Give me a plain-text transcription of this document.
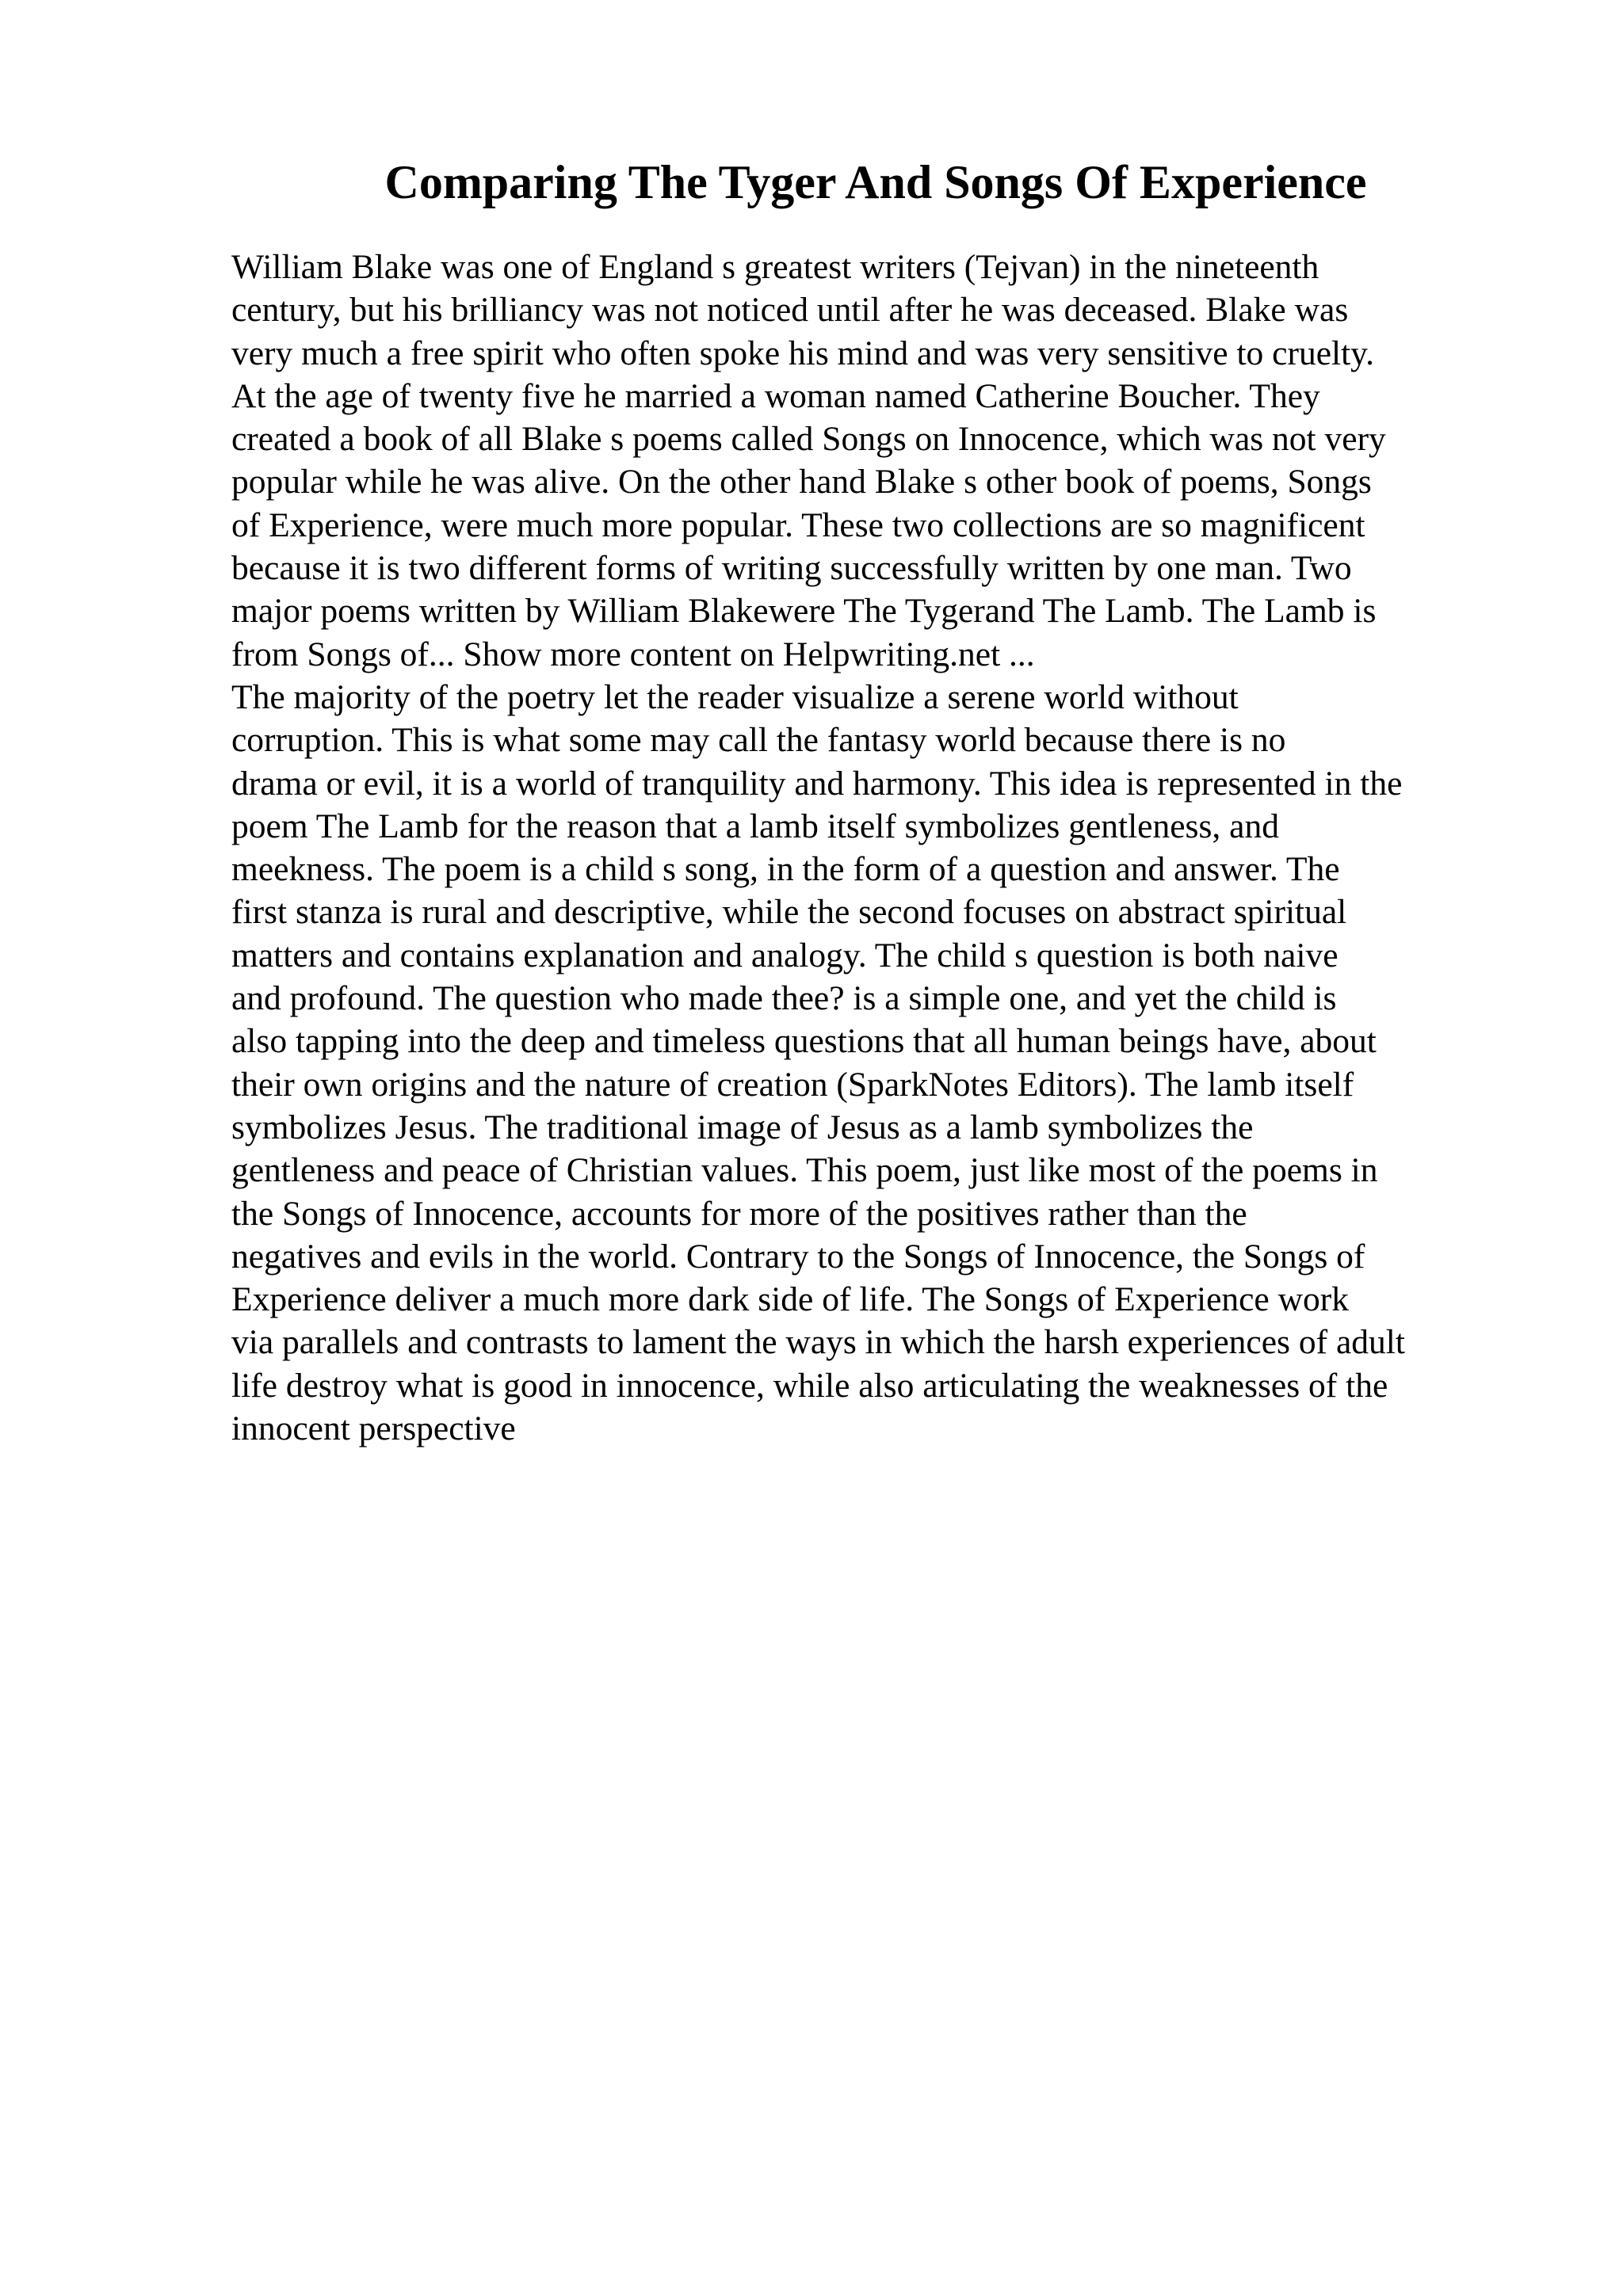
Comparing The Tyger And Songs Of Experience
William Blake was one of England s greatest writers (Tejvan) in the nineteenth
century, but his brilliancy was not noticed until after he was deceased. Blake was
very much a free spirit who often spoke his mind and was very sensitive to cruelty.
At the age of twenty five he married a woman named Catherine Boucher. They
created a book of all Blake s poems called Songs on Innocence, which was not very
popular while he was alive. On the other hand Blake s other book of poems, Songs
of Experience, were much more popular. These two collections are so magnificent
because it is two different forms of writing successfully written by one man. Two
major poems written by William Blakewere The Tygerand The Lamb. The Lamb is
from Songs of... Show more content on Helpwriting.net ...
The majority of the poetry let the reader visualize a serene world without
corruption. This is what some may call the fantasy world because there is no
drama or evil, it is a world of tranquility and harmony. This idea is represented in the
poem The Lamb for the reason that a lamb itself symbolizes gentleness, and
meekness. The poem is a child s song, in the form of a question and answer. The
first stanza is rural and descriptive, while the second focuses on abstract spiritual
matters and contains explanation and analogy. The child s question is both naive
and profound. The question who made thee? is a simple one, and yet the child is
also tapping into the deep and timeless questions that all human beings have, about
their own origins and the nature of creation (SparkNotes Editors). The lamb itself
symbolizes Jesus. The traditional image of Jesus as a lamb symbolizes the
gentleness and peace of Christian values. This poem, just like most of the poems in
the Songs of Innocence, accounts for more of the positives rather than the
negatives and evils in the world. Contrary to the Songs of Innocence, the Songs of
Experience deliver a much more dark side of life. The Songs of Experience work
via parallels and contrasts to lament the ways in which the harsh experiences of adult
life destroy what is good in innocence, while also articulating the weaknesses of the
innocent perspective
